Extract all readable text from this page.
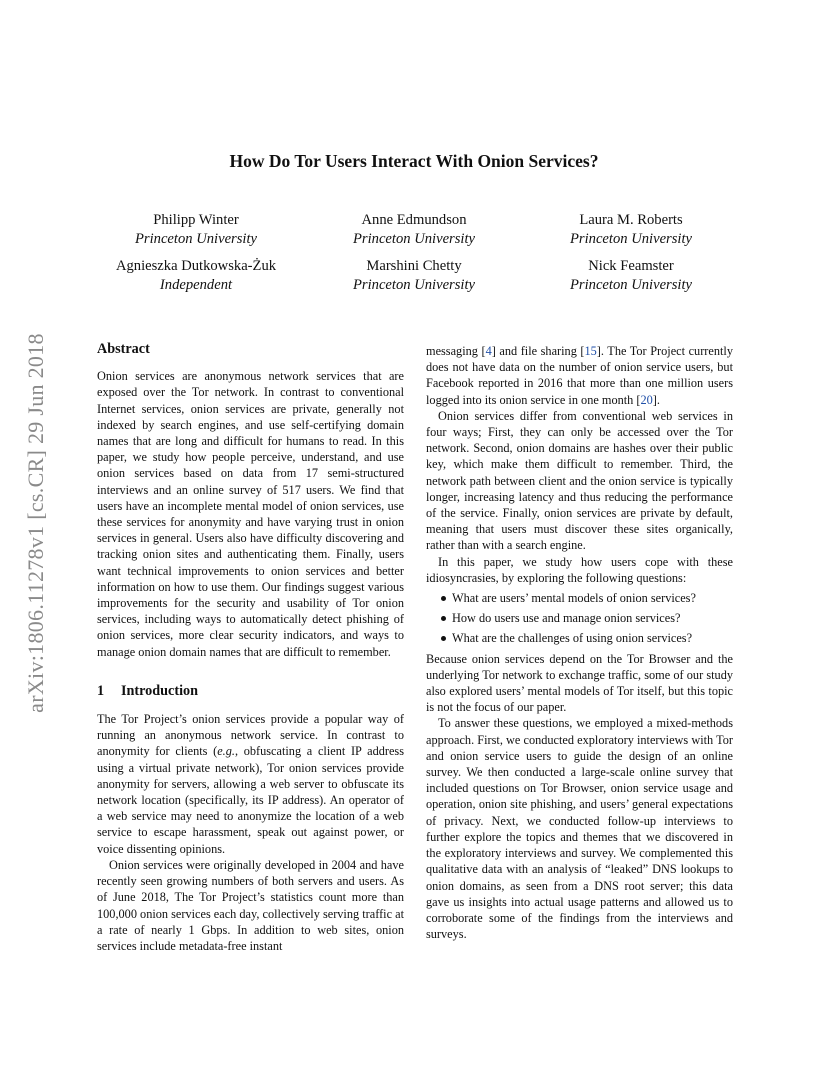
arXiv:1806.11278v1 [cs.CR] 29 Jun 2018
How Do Tor Users Interact With Onion Services?
Philipp Winter
Princeton University
Anne Edmundson
Princeton University
Laura M. Roberts
Princeton University
Agnieszka Dutkowska-Żuk
Independent
Marshini Chetty
Princeton University
Nick Feamster
Princeton University
Abstract

Onion services are anonymous network services that are exposed over the Tor network. In contrast to conventional Internet services, onion services are private, generally not indexed by search engines, and use self-certifying domain names that are long and difficult for humans to read. In this paper, we study how people perceive, understand, and use onion services based on data from 17 semi-structured interviews and an online survey of 517 users. We find that users have an incomplete mental model of onion services, use these services for anonymity and have varying trust in onion services in general. Users also have difficulty discovering and tracking onion sites and authenticating them. Finally, users want technical improvements to onion services and better information on how to use them. Our findings suggest various improvements for the security and usability of Tor onion services, including ways to automatically detect phishing of onion services, more clear security indicators, and ways to manage onion domain names that are difficult to remember.

1 Introduction

The Tor Project’s onion services provide a popular way of running an anonymous network service. In contrast to anonymity for clients (e.g., obfuscating a client IP address using a virtual private network), Tor onion services provide anonymity for servers, allowing a web server to obfuscate its network location (specifically, its IP address). An operator of a web service may need to anonymize the location of a web service to escape harassment, speak out against power, or voice dissenting opinions.

Onion services were originally developed in 2004 and have recently seen growing numbers of both servers and users. As of June 2018, The Tor Project’s statistics count more than 100,000 onion services each day, collectively serving traffic at a rate of nearly 1 Gbps. In addition to web sites, onion services include metadata-free instant

messaging [4] and file sharing [15]. The Tor Project currently does not have data on the number of onion service users, but Facebook reported in 2016 that more than one million users logged into its onion service in one month [20].

Onion services differ from conventional web services in four ways; First, they can only be accessed over the Tor network. Second, onion domains are hashes over their public key, which make them difficult to remember. Third, the network path between client and the onion service is typically longer, increasing latency and thus reducing the performance of the service. Finally, onion services are private by default, meaning that users must discover these sites organically, rather than with a search engine.

In this paper, we study how users cope with these idiosyncrasies, by exploring the following questions:

What are users’ mental models of onion services?
How do users use and manage onion services?
What are the challenges of using onion services?

Because onion services depend on the Tor Browser and the underlying Tor network to exchange traffic, some of our study also explored users’ mental models of Tor itself, but this topic is not the focus of our paper.

To answer these questions, we employed a mixed-methods approach. First, we conducted exploratory interviews with Tor and onion service users to guide the design of an online survey. We then conducted a large-scale online survey that included questions on Tor Browser, onion service usage and operation, onion site phishing, and users’ general expectations of privacy. Next, we conducted follow-up interviews to further explore the topics and themes that we discovered in the exploratory interviews and survey. We complemented this qualitative data with an analysis of “leaked” DNS lookups to onion domains, as seen from a DNS root server; this data gave us insights into actual usage patterns and allowed us to corroborate some of the findings from the interviews and surveys.
